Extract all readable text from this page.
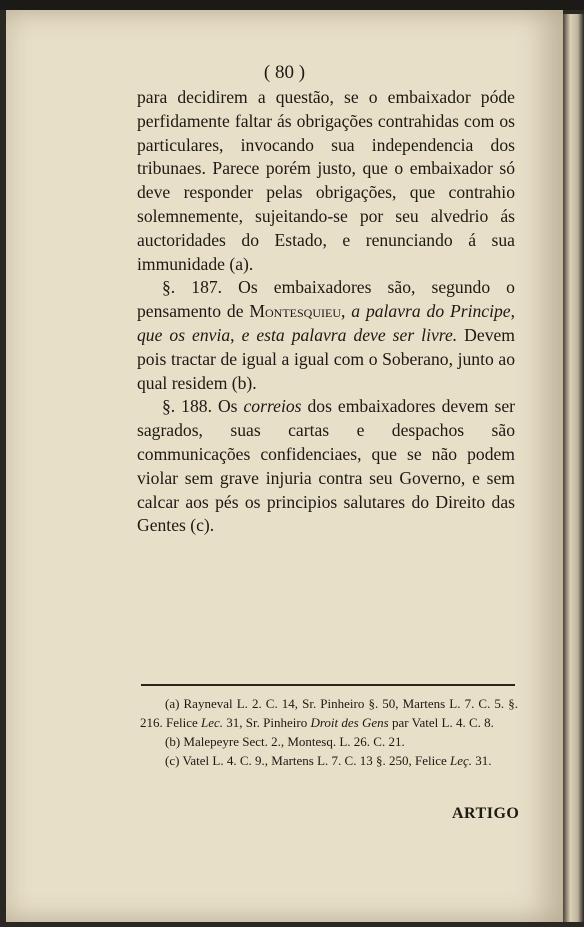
( 80 )

para decidirem a questão, se o embaixador póde perfidamente faltar ás obrigações contrahidas com os particulares, invocando sua independencia dos tribunaes. Parece porém justo, que o embaixador só deve responder pelas obrigações, que contrahio solemnemente, sujeitando-se por seu alvedrio ás auctoridades do Estado, e renunciando á sua immunidade (a).

§. 187. Os embaixadores são, segundo o pensamento de Montesquieu, a palavra do Principe, que os envia, e esta palavra deve ser livre. Devem pois tractar de igual a igual com o Soberano, junto ao qual residem (b).

§. 188. Os correios dos embaixadores devem ser sagrados, suas cartas e despachos são communicações confidenciaes, que se não podem violar sem grave injuria contra seu Governo, e sem calcar aos pés os principios salutares do Direito das Gentes (c).

(a) Rayneval L. 2. C. 14, Sr. Pinheiro §. 50, Martens L. 7. C. 5. §. 216. Felice Lec. 31, Sr. Pinheiro Droit des Gens par Vatel L. 4. C. 8.

(b) Malepeyre Sect. 2., Montesq. L. 26. C. 21.

(c) Vatel L. 4. C. 9., Martens L. 7. C. 13 §. 250, Felice Leç. 31.

ARTIGO
